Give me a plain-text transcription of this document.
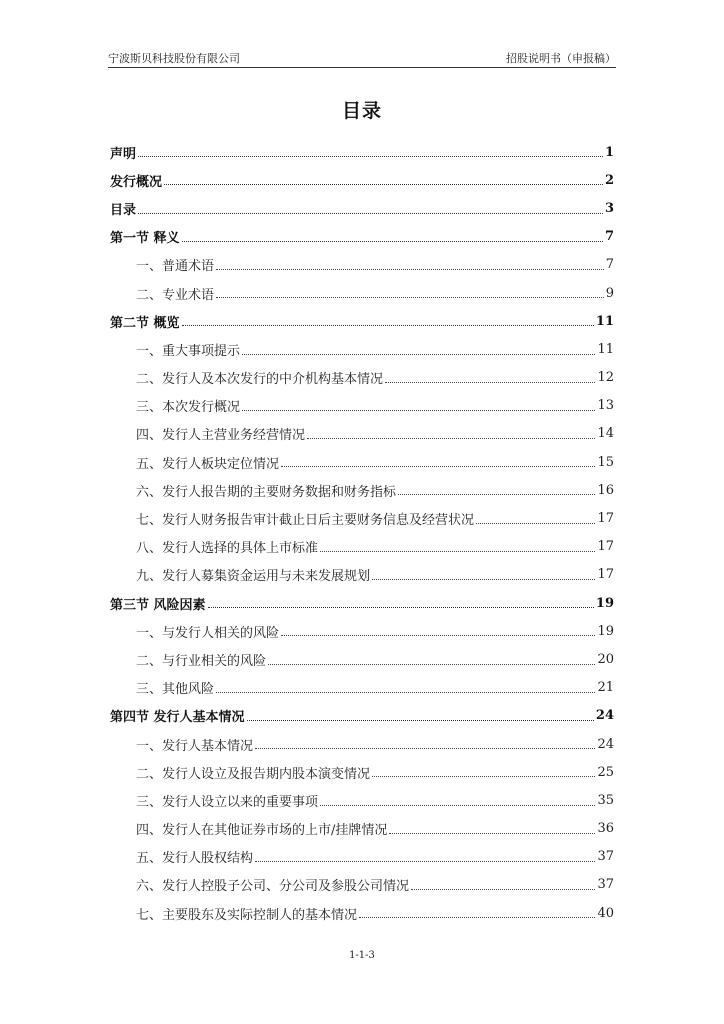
宁波斯贝科技股份有限公司	招股说明书（申报稿）
目录
声明	1
发行概况	2
目录	3
第一节 释义	7
一、普通术语	7
二、专业术语	9
第二节 概览	11
一、重大事项提示	11
二、发行人及本次发行的中介机构基本情况	12
三、本次发行概况	13
四、发行人主营业务经营情况	14
五、发行人板块定位情况	15
六、发行人报告期的主要财务数据和财务指标	16
七、发行人财务报告审计截止日后主要财务信息及经营状况	17
八、发行人选择的具体上市标准	17
九、发行人募集资金运用与未来发展规划	17
第三节 风险因素	19
一、与发行人相关的风险	19
二、与行业相关的风险	20
三、其他风险	21
第四节 发行人基本情况	24
一、发行人基本情况	24
二、发行人设立及报告期内股本演变情况	25
三、发行人设立以来的重要事项	35
四、发行人在其他证券市场的上市/挂牌情况	36
五、发行人股权结构	37
六、发行人控股子公司、分公司及参股公司情况	37
七、主要股东及实际控制人的基本情况	40
1-1-3
